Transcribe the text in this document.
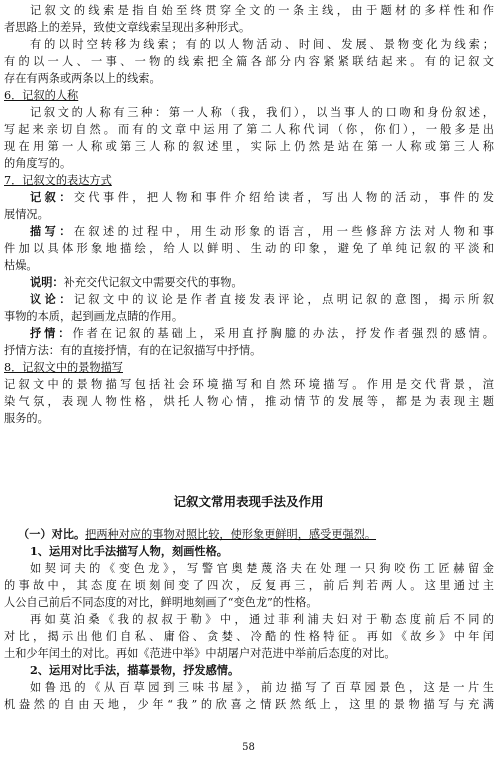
记叙文的线索是指自始至终贯穿全文的一条主线，由于题材的多样性和作
者思路上的差异，致使文章线索呈现出多种形式。
有的以时空转移为线索；有的以人物活动、时间、发展、景物变化为线索；
有的以一人、一事、一物的线索把全篇各部分内容紧紧联结起来。有的记叙文
存在有两条或两条以上的线索。
6．记叙的人称
记叙文的人称有三种：第一人称（我，我们），以当事人的口吻和身份叙述，
写起来亲切自然。而有的文章中运用了第二人称代词（你，你们），一般多是出
现在用第一人称或第三人称的叙述里，实际上仍然是站在第一人称或第三人称
的角度写的。
7．记叙文的表达方式
记叙：交代事件，把人物和事件介绍给读者，写出人物的活动，事件的发
展情况。
描写：在叙述的过程中，用生动形象的语言，用一些修辞方法对人物和事
件加以具体形象地描绘，给人以鲜明、生动的印象，避免了单纯记叙的平淡和
枯燥。
说明：补充交代记叙文中需要交代的事物。
议论：记叙文中的议论是作者直接发表评论，点明记叙的意图，揭示所叙
事物的本质，起到画龙点睛的作用。
抒情：作者在记叙的基础上，采用直抒胸臆的办法，抒发作者强烈的感情。
抒情方法：有的直接抒情，有的在记叙描写中抒情。
8．记叙文中的景物描写
记叙文中的景物描写包括社会环境描写和自然环境描写。作用是交代背景，渲
染气氛，表现人物性格，烘托人物心情，推动情节的发展等，都是为表现主题
服务的。
记叙文常用表现手法及作用
（一）对比。把两种对应的事物对照比较，使形象更鲜明，感受更强烈。
1、运用对比手法描写人物，刻画性格。
如契诃夫的《变色龙》，写警官奥楚蔑洛夫在处理一只狗咬伤工匠赫留金
的事故中，其态度在顷刻间变了四次，反复再三，前后判若两人。这里通过主
人公自己前后不同态度的对比，鲜明地刻画了“变色龙”的性格。
再如莫泊桑《我的叔叔于勒》中，通过菲利浦夫妇对于勒态度前后不同的
对比，揭示出他们自私、庸俗、贪婪、冷酷的性格特征。再如《故乡》中年闰
土和少年闰土的对比。再如《范进中举》中胡屠户对范进中举前后态度的对比。
2、运用对比手法，描摹景物，抒发感情。
如鲁迅的《从百草园到三味书屋》，前边描写了百草园景色，这是一片生
机盎然的自由天地，少年“我”的欣喜之情跃然纸上，这里的景物描写与充满
58
